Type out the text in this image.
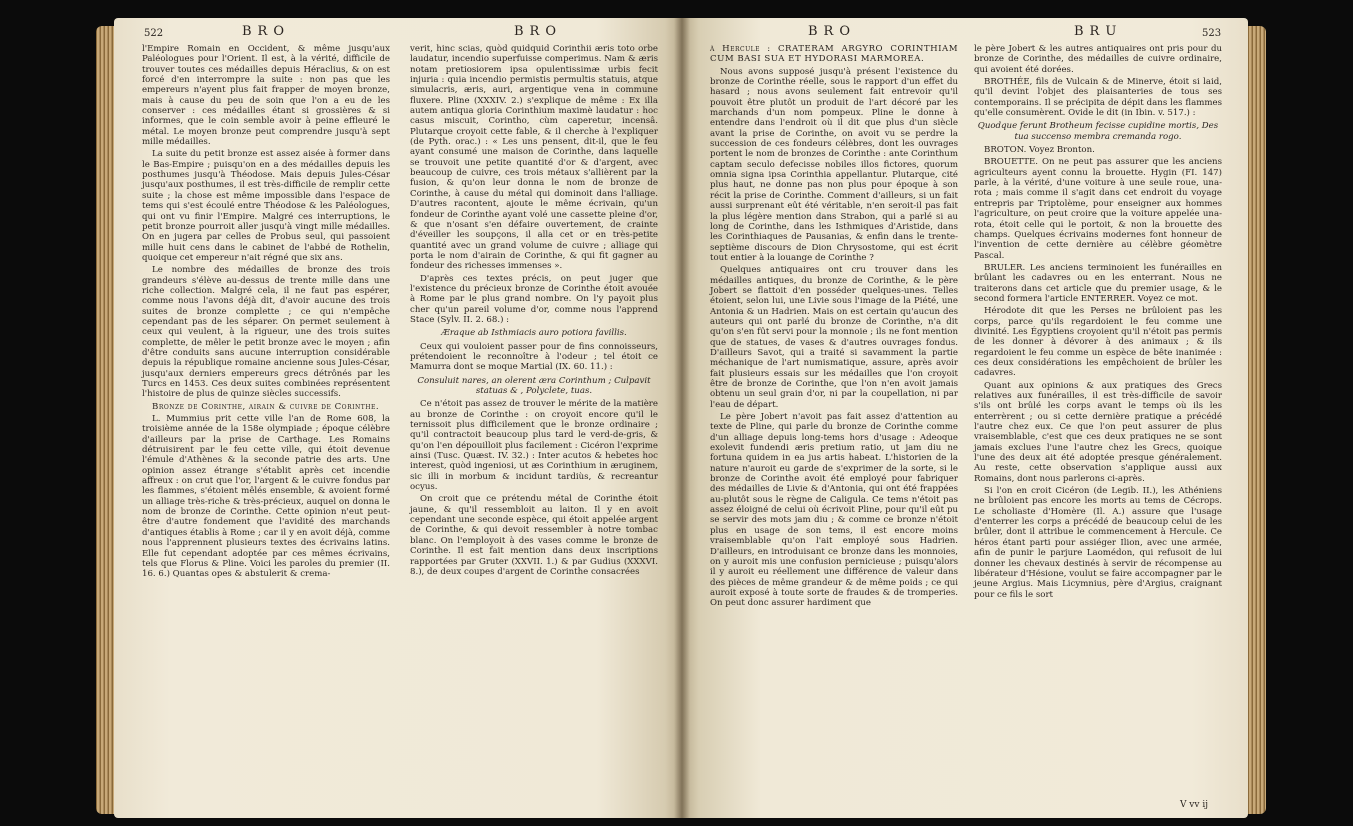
522	BRO	BRO

l'Empire Romain en Occident, & même jusqu'aux Paléologues pour l'Orient. Il est, à la vérité, difficile de trouver toutes ces médailles depuis Héraclius, & on est forcé d'en interrompre la suite : non pas que les empereurs n'ayent plus fait frapper de moyen bronze, mais à cause du peu de soin que l'on a eu de les conserver : ces médailles étant si grossières & si informes, que le coin semble avoir à peine effleuré le métal. Le moyen bronze peut comprendre jusqu'à sept mille médailles.

La suite du petit bronze est assez aisée à former dans le Bas-Empire ; puisqu'on en a des médailles depuis les posthumes jusqu'à Théodose. Mais depuis Jules-César jusqu'aux posthumes, il est très-difficile de remplir cette suite ; la chose est même impossible dans l'espace de tems qui s'est écoulé entre Théodose & les Paléologues, qui ont vu finir l'Empire. Malgré ces interruptions, le petit bronze pourroit aller jusqu'à vingt mille médailles. On en jugera par celles de Probus seul, qui passoient mille huit cens dans le cabinet de l'abbé de Rothelin, quoique cet empereur n'ait régné que six ans.

Le nombre des médailles de bronze des trois grandeurs s'élève au-dessus de trente mille dans une riche collection. Malgré cela, il ne faut pas espérer, comme nous l'avons déjà dit, d'avoir aucune des trois suites de bronze complette ; ce qui n'empêche cependant pas de les séparer. On permet seulement à ceux qui veulent, à la rigueur, une des trois suites complette, de mêler le petit bronze avec le moyen ; afin d'être conduits sans aucune interruption considérable depuis la république romaine ancienne sous Jules-César, jusqu'aux derniers empereurs grecs détrônés par les Turcs en 1453. Ces deux suites combinées représentent l'histoire de plus de quinze siècles successifs.

Bronze de Corinthe, airain & cuivre de Corinthe.

L. Mummius prit cette ville l'an de Rome 608, la troisième année de la 158e olympiade ; époque célèbre d'ailleurs par la prise de Carthage. Les Romains détruisirent par le feu cette ville, qui étoit devenue l'émule d'Athènes & la seconde patrie des arts. Une opinion assez étrange s'établit après cet incendie affreux : on crut que l'or, l'argent & le cuivre fondus par les flammes, s'étoient mêlés ensemble, & avoient formé un alliage très-riche & très-précieux, auquel on donna le nom de bronze de Corinthe. Cette opinion n'eut peut-être d'autre fondement que l'avidité des marchands d'antiques établis à Rome ; car il y en avoit déjà, comme nous l'apprennent plusieurs textes des écrivains latins. Elle fut cependant adoptée par ces mêmes écrivains, tels que Florus & Pline. Voici les paroles du premier (II. 16. 6.) Quantas opes & abstulerit & crema-

verit, hinc scias, quòd quidquid Corinthii æris toto orbe laudatur, incendio superfuisse comperimus. Nam & æris notam pretiosiorem ipsa opulentissimæ urbis fecit injuria : quia incendio permistis permultis statuis, atque simulacris, æris, auri, argentique vena in commune fluxere. Pline (XXXIV. 2.) s'explique de même : Ex illa autem antiqua gloria Corinthium maximè laudatur : hoc casus miscuit, Corintho, cùm caperetur, incensâ. Plutarque croyoit cette fable, & il cherche à l'expliquer (de Pyth. orac.) : « Les uns pensent, dit-il, que le feu ayant consumé une maison de Corinthe, dans laquelle se trouvoit une petite quantité d'or & d'argent, avec beaucoup de cuivre, ces trois métaux s'allièrent par la fusion, & qu'on leur donna le nom de bronze de Corinthe, à cause du métal qui dominoit dans l'alliage. D'autres racontent, ajoute le même écrivain, qu'un fondeur de Corinthe ayant volé une cassette pleine d'or, & que n'osant s'en défaire ouvertement, de crainte d'éveiller les soupçons, il alla cet or en très-petite quantité avec un grand volume de cuivre ; alliage qui porta le nom d'airain de Corinthe, & qui fit gagner au fondeur des richesses immenses ».

D'après ces textes précis, on peut juger que l'existence du précieux bronze de Corinthe étoit avouée à Rome par le plus grand nombre. On l'y payoit plus cher qu'un pareil volume d'or, comme nous l'apprend Stace (Sylv. II. 2. 68.) :

Æraque ab Isthmiacis auro potiora favillis.

Ceux qui vouloient passer pour de fins connoisseurs, prétendoient le reconnoître à l'odeur ; tel étoit ce Mamurra dont se moque Martial (IX. 60. 11.) :

Consuluit nares, an olerent æra Corinthum ; Culpavit statuas & , Polyclete, tuas.

Ce n'étoit pas assez de trouver le mérite de la matière au bronze de Corinthe : on croyoit encore qu'il le ternissoit plus difficilement que le bronze ordinaire ; qu'il contractoit beaucoup plus tard le verd-de-gris, & qu'on l'en dépouilloit plus facilement : Cicéron l'exprime ainsi (Tusc. Quæst. IV. 32.) : Inter acutos & hebetes hoc interest, quòd ingeniosi, ut æs Corinthium in æruginem, sic illi in morbum & incidunt tardiùs, & recreantur ocyus.

On croit que ce prétendu métal de Corinthe étoit jaune, & qu'il ressembloit au laiton. Il y en avoit cependant une seconde espèce, qui étoit appelée argent de Corinthe, & qui devoit ressembler à notre tombac blanc. On l'employoit à des vases comme le bronze de Corinthe. Il est fait mention dans deux inscriptions rapportées par Gruter (XXVII. 1.) & par Gudius (XXXVI. 8.), de deux coupes d'argent de Corinthe consacrées

BRO	BRU	523

à Hercule : CRATERAM ARGYRO CORINTHIAM CUM BASI SUA ET HYDORASI MARMOREA.

Nous avons supposé jusqu'à présent l'existence du bronze de Corinthe réelle, sous le rapport d'un effet du hasard ; nous avons seulement fait entrevoir qu'il pouvoit être plutôt un produit de l'art décoré par les marchands d'un nom pompeux. Pline le donne à entendre dans l'endroit où il dit que plus d'un siècle avant la prise de Corinthe, on avoit vu se perdre la succession de ces fondeurs célèbres, dont les ouvrages portent le nom de bronzes de Corinthe : ante Corinthum captam seculo defecisse nobiles illos fictores, quorum omnia signa ipsa Corinthia appellantur. Plutarque, cité plus haut, ne donne pas non plus pour époque à son récit la prise de Corinthe. Comment d'ailleurs, si un fait aussi surprenant eût été véritable, n'en seroit-il pas fait la plus légère mention dans Strabon, qui a parlé si au long de Corinthe, dans les Isthmiques d'Aristide, dans les Corinthiaques de Pausanias, & enfin dans le trente-septième discours de Dion Chrysostome, qui est écrit tout entier à la louange de Corinthe ?

Quelques antiquaires ont cru trouver dans les médailles antiques, du bronze de Corinthe, & le père Jobert se flattoit d'en posséder quelques-unes. Telles étoient, selon lui, une Livie sous l'image de la Piété, une Antonia & un Hadrien. Mais on est certain qu'aucun des auteurs qui ont parlé du bronze de Corinthe, n'a dit qu'on s'en fût servi pour la monnoie ; ils ne font mention que de statues, de vases & d'autres ouvrages fondus. D'ailleurs Savot, qui a traité si savamment la partie méchanique de l'art numismatique, assure, après avoir fait plusieurs essais sur les médailles que l'on croyoit être de bronze de Corinthe, que l'on n'en avoit jamais obtenu un seul grain d'or, ni par la coupellation, ni par l'eau de départ.

Le père Jobert n'avoit pas fait assez d'attention au texte de Pline, qui parle du bronze de Corinthe comme d'un alliage depuis long-tems hors d'usage : Adeoque exolevit fundendi æris pretium ratio, ut jam diu ne fortuna quidem in ea jus artis habeat. L'historien de la nature n'auroit eu garde de s'exprimer de la sorte, si le bronze de Corinthe avoit été employé pour fabriquer des médailles de Livie & d'Antonia, qui ont été frappées au-plutôt sous le règne de Caligula. Ce tems n'étoit pas assez éloigné de celui où écrivoit Pline, pour qu'il eût pu se servir des mots jam diu ; & comme ce bronze n'étoit plus en usage de son tems, il est encore moins vraisemblable qu'on l'ait employé sous Hadrien. D'ailleurs, en introduisant ce bronze dans les monnoies, on y auroit mis une confusion pernicieuse ; puisqu'alors il y auroit eu réellement une différence de valeur dans des pièces de même grandeur & de même poids ; ce qui auroit exposé à toute sorte de fraudes & de tromperies. On peut donc assurer hardiment que

le père Jobert & les autres antiquaires ont pris pour du bronze de Corinthe, des médailles de cuivre ordinaire, qui avoient été dorées.

BROTHÉE, fils de Vulcain & de Minerve, étoit si laid, qu'il devint l'objet des plaisanteries de tous ses contemporains. Il se précipita de dépit dans les flammes qu'elle consumèrent. Ovide le dit (in Ibin. v. 517.) :

Quodque ferunt Brotheum fecisse cupidine mortis, Des tua succenso membra cremanda rogo.

BROTON. Voyez Bronton.

BROUETTE. On ne peut pas assurer que les anciens agriculteurs ayent connu la brouette. Hygin (FI. 147) parle, à la vérité, d'une voiture à une seule roue, una-rota ; mais comme il s'agit dans cet endroit du voyage entrepris par Triptolème, pour enseigner aux hommes l'agriculture, on peut croire que la voiture appelée una-rota, étoit celle qui le portoit, & non la brouette des champs. Quelques écrivains modernes font honneur de l'invention de cette dernière au célèbre géomètre Pascal.

BRULER. Les anciens terminoient les funérailles en brûlant les cadavres ou en les enterrant. Nous ne traiterons dans cet article que du premier usage, & le second formera l'article ENTERRER. Voyez ce mot.

Hérodote dit que les Perses ne brûloient pas les corps, parce qu'ils regardoient le feu comme une divinité. Les Égyptiens croyoient qu'il n'étoit pas permis de les donner à dévorer à des animaux ; & ils regardoient le feu comme un espèce de bête inanimée : ces deux considérations les empêchoient de brûler les cadavres.

Quant aux opinions & aux pratiques des Grecs relatives aux funérailles, il est très-difficile de savoir s'ils ont brûlé les corps avant le temps où ils les enterrèrent ; ou si cette dernière pratique a précédé l'autre chez eux. Ce que l'on peut assurer de plus vraisemblable, c'est que ces deux pratiques ne se sont jamais exclues l'une l'autre chez les Grecs, quoique l'une des deux ait été adoptée presque généralement. Au reste, cette observation s'applique aussi aux Romains, dont nous parlerons ci-après.

Si l'on en croit Cicéron (de Legib. II.), les Athéniens ne brûloient pas encore les morts au tems de Cécrops. Le scholiaste d'Homère (Il. A.) assure que l'usage d'enterrer les corps a précédé de beaucoup celui de les brûler, dont il attribue le commencement à Hercule. Ce héros étant parti pour assiéger Ilion, avec une armée, afin de punir le parjure Laomédon, qui refusoit de lui donner les chevaux destinés à servir de récompense au libérateur d'Hésione, voulut se faire accompagner par le jeune Argius. Mais Licymnius, père d'Argius, craignant pour ce fils le sort

V vv ij
